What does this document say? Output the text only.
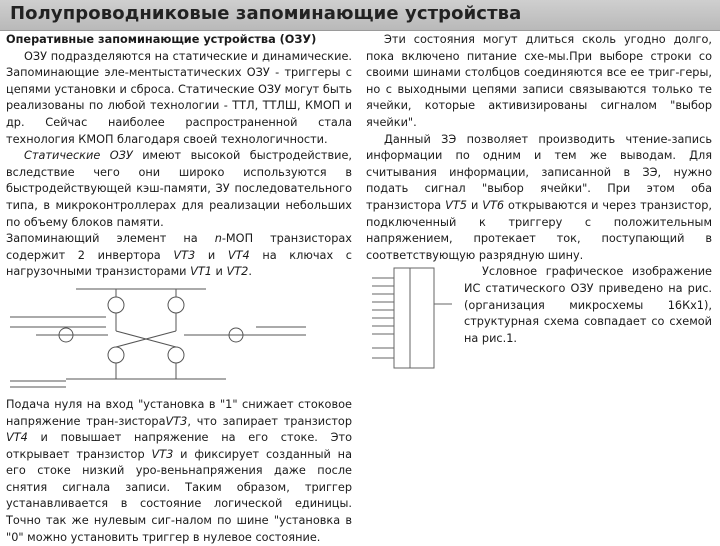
Полупроводниковые запоминающие устройства

Оперативные запоминающие устройства (ОЗУ)

ОЗУ подразделяются на статические и динамические. Запоминающие эле-ментыстатических ОЗУ - триггеры с цепями установки и сброса. Статические ОЗУ могут быть реализованы по любой технологии - ТТЛ, ТТЛШ, КМОП и др. Сейчас наиболее распространенной стала технология КМОП благодаря своей технологичности.

Статические ОЗУ имеют высокой быстродействие, вследствие чего они широко используются в быстродействующей кэш-памяти, ЗУ последовательного типа, в микроконтроллерах для реализации небольших по объему блоков памяти.

Запоминающий элемент на n-МОП транзисторах содержит 2 инвертора VT3 и VT4 на ключах с нагрузочными транзисторами VT1 и VT2.

Подача нуля на вход "установка в "1" снижает стоковое напряжение тран-зистораVT3, что запирает транзистор VT4 и повышает напряжение на его стоке. Это открывает транзистор VT3 и фиксирует созданный на его стоке низкий уро-веньнапряжения даже после снятия сигнала записи. Таким образом, триггер устанавливается в состояние логической единицы. Точно так же нулевым сиг-налом по шине "установка в "0" можно установить триггер в нулевое состояние.

Эти состояния могут длиться сколь угодно долго, пока включено питание схе-мы.При выборе строки со своими шинами столбцов соединяются все ее триг-геры, но с выходными цепями записи связываются только те ячейки, которые активизированы сигналом "выбор ячейки".

Данный ЗЭ позволяет производить чтение-запись информации по одним и тем же выводам. Для считывания информации, записанной в ЗЭ, нужно подать сигнал "выбор ячейки". При этом оба транзистора VT5 и VT6 открываются и через транзистор, подключенный к триггеру с положительным напряжением, протекает ток, поступающий в соответствующую разрядную шину.

Условное графическое изображение ИС статического ОЗУ приведено на рис. (организация микросхемы 16Кх1), структурная схема совпадает со схемой на рис.1.
